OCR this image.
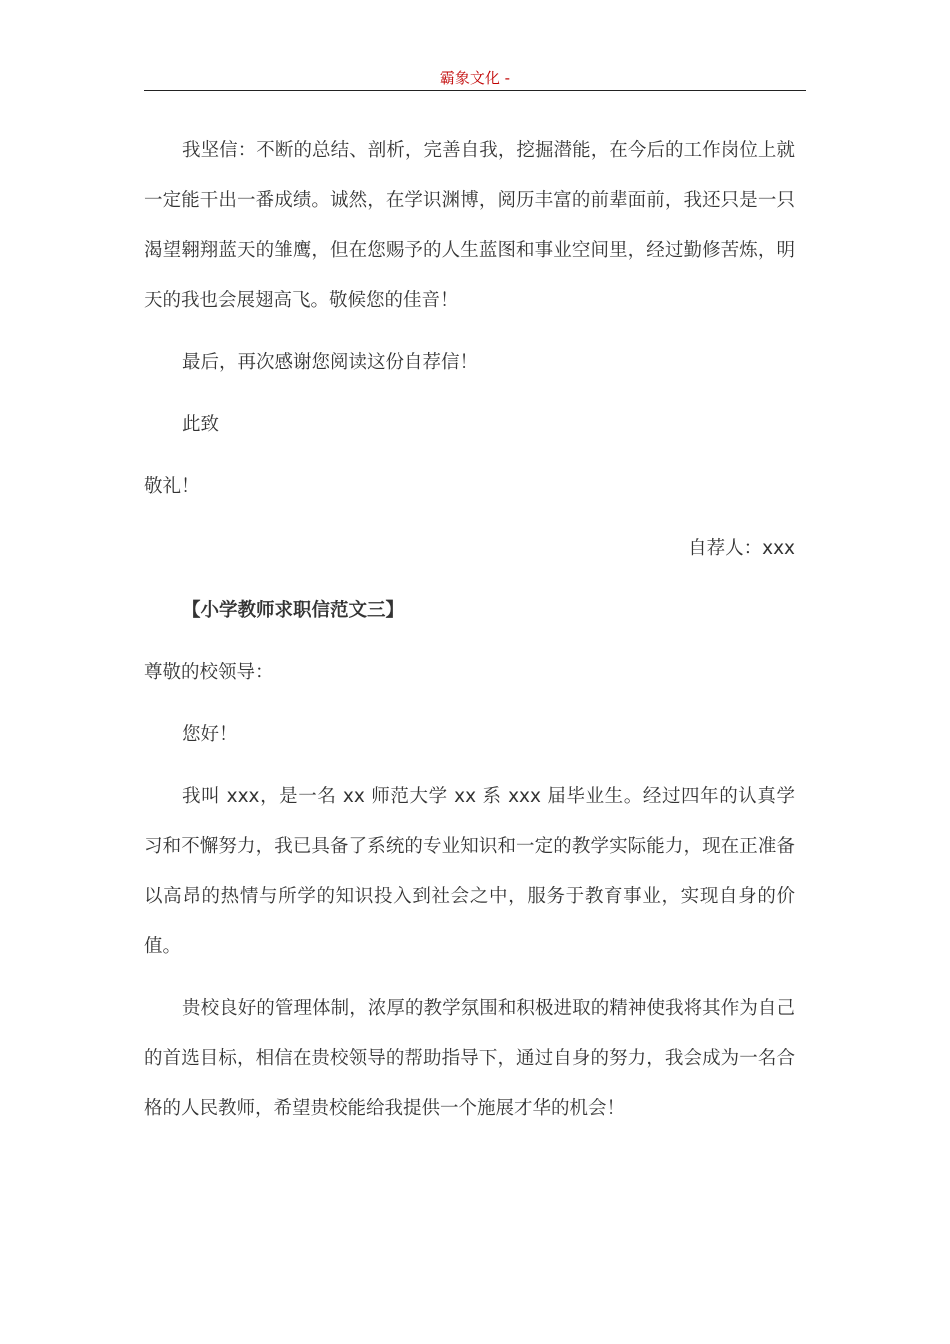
霸象文化 -

我坚信：不断的总结、剖析，完善自我，挖掘潜能，在今后的工作岗位上就一定能干出一番成绩。诚然，在学识渊博，阅历丰富的前辈面前，我还只是一只渴望翱翔蓝天的雏鹰，但在您赐予的人生蓝图和事业空间里，经过勤修苦炼，明天的我也会展翅高飞。敬候您的佳音！

最后，再次感谢您阅读这份自荐信！

此致

敬礼！

自荐人：xxx

【小学教师求职信范文三】

尊敬的校领导：

您好！

我叫 xxx，是一名 xx 师范大学 xx 系 xxx 届毕业生。经过四年的认真学习和不懈努力，我已具备了系统的专业知识和一定的教学实际能力，现在正准备以高昂的热情与所学的知识投入到社会之中，服务于教育事业，实现自身的价值。

贵校良好的管理体制，浓厚的教学氛围和积极进取的精神使我将其作为自己的首选目标，相信在贵校领导的帮助指导下，通过自身的努力，我会成为一名合格的人民教师，希望贵校能给我提供一个施展才华的机会！
